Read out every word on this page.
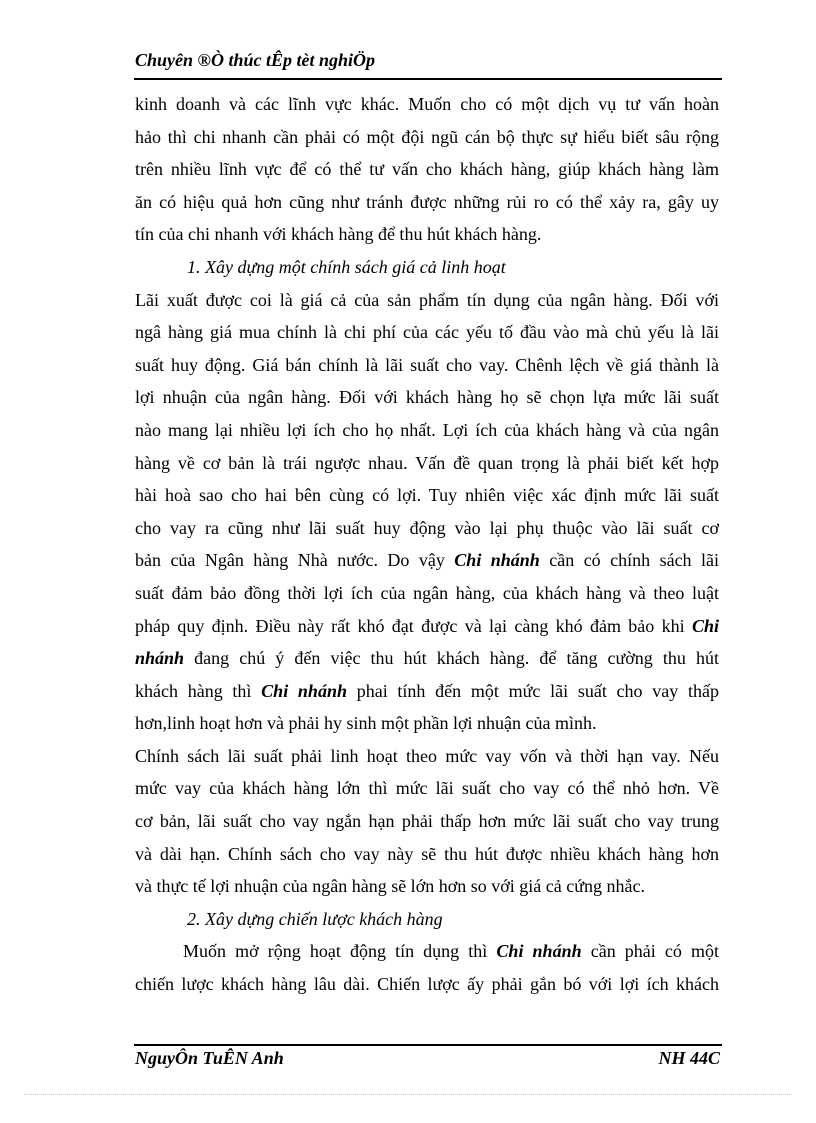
Chuyên ®Ò thúc tÊp tèt nghiÖp
kinh doanh và các lĩnh vực khác. Muốn cho có một dịch vụ tư vấn hoàn
hảo thì chi nhanh cần phải có một đội ngũ cán bộ thực sự hiểu biết sâu rộng
trên nhiều lĩnh vực để có thể tư vấn cho khách hàng, giúp khách hàng làm
ăn có hiệu quả hơn cũng như tránh được những rủi ro có thể xảy ra, gây uy
tín của chi nhanh với khách hàng để thu hút khách hàng.
1. Xây dựng một chính sách giá cả linh hoạt
Lãi xuất được coi là giá cả của sản phẩm tín dụng của ngân hàng. Đối với
ngâ hàng giá mua chính là chi phí của các yếu tố đầu vào mà chủ yếu là lãi
suất huy động. Giá bán chính là lãi suất cho vay. Chênh lệch về giá thành là
lợi nhuận của ngân hàng. Đối với khách hàng họ sẽ chọn lựa mức lãi suất
nào mang lại nhiều lợi ích cho họ nhất. Lợi ích của khách hàng và của ngân
hàng về cơ bản là trái ngược nhau. Vấn đề quan trọng là phải biết kết hợp
hài hoà sao cho hai bên cùng có lợi. Tuy nhiên việc xác định mức lãi suất
cho vay ra cũng như lãi suất huy động vào lại phụ thuộc vào lãi suất cơ
bản của Ngân hàng Nhà nước. Do vậy Chi nhánh cần có chính sách lãi
suất đảm bảo đồng thời lợi ích của ngân hàng, của khách hàng và theo luật
pháp quy định. Điều này rất khó đạt được và lại càng khó đảm bảo khi Chi
nhánh đang chú ý đến việc thu hút khách hàng. để tăng cường thu hút
khách hàng thì Chi nhánh phai tính đến một mức lãi suất cho vay thấp
hơn,linh hoạt hơn và phải hy sinh một phần lợi nhuận của mình.
Chính sách lãi suất phải linh hoạt theo mức vay vốn và thời hạn vay. Nếu
mức vay của khách hàng lớn thì mức lãi suất cho vay có thể nhỏ hơn. Về
cơ bản, lãi suất cho vay ngắn hạn phải thấp hơn mức lãi suất cho vay trung
và dài hạn. Chính sách cho vay này sẽ thu hút được nhiều khách hàng hơn
và thực tế lợi nhuận của ngân hàng sẽ lớn hơn so với giá cả cứng nhắc.
2. Xây dựng chiến lược khách hàng
Muốn mở rộng hoạt động tín dụng thì Chi nhánh cần phải có một
chiến lược khách hàng lâu dài. Chiến lược ấy phải gắn bó với lợi ích khách
NguyÔn TuÊN Anh	NH 44C
